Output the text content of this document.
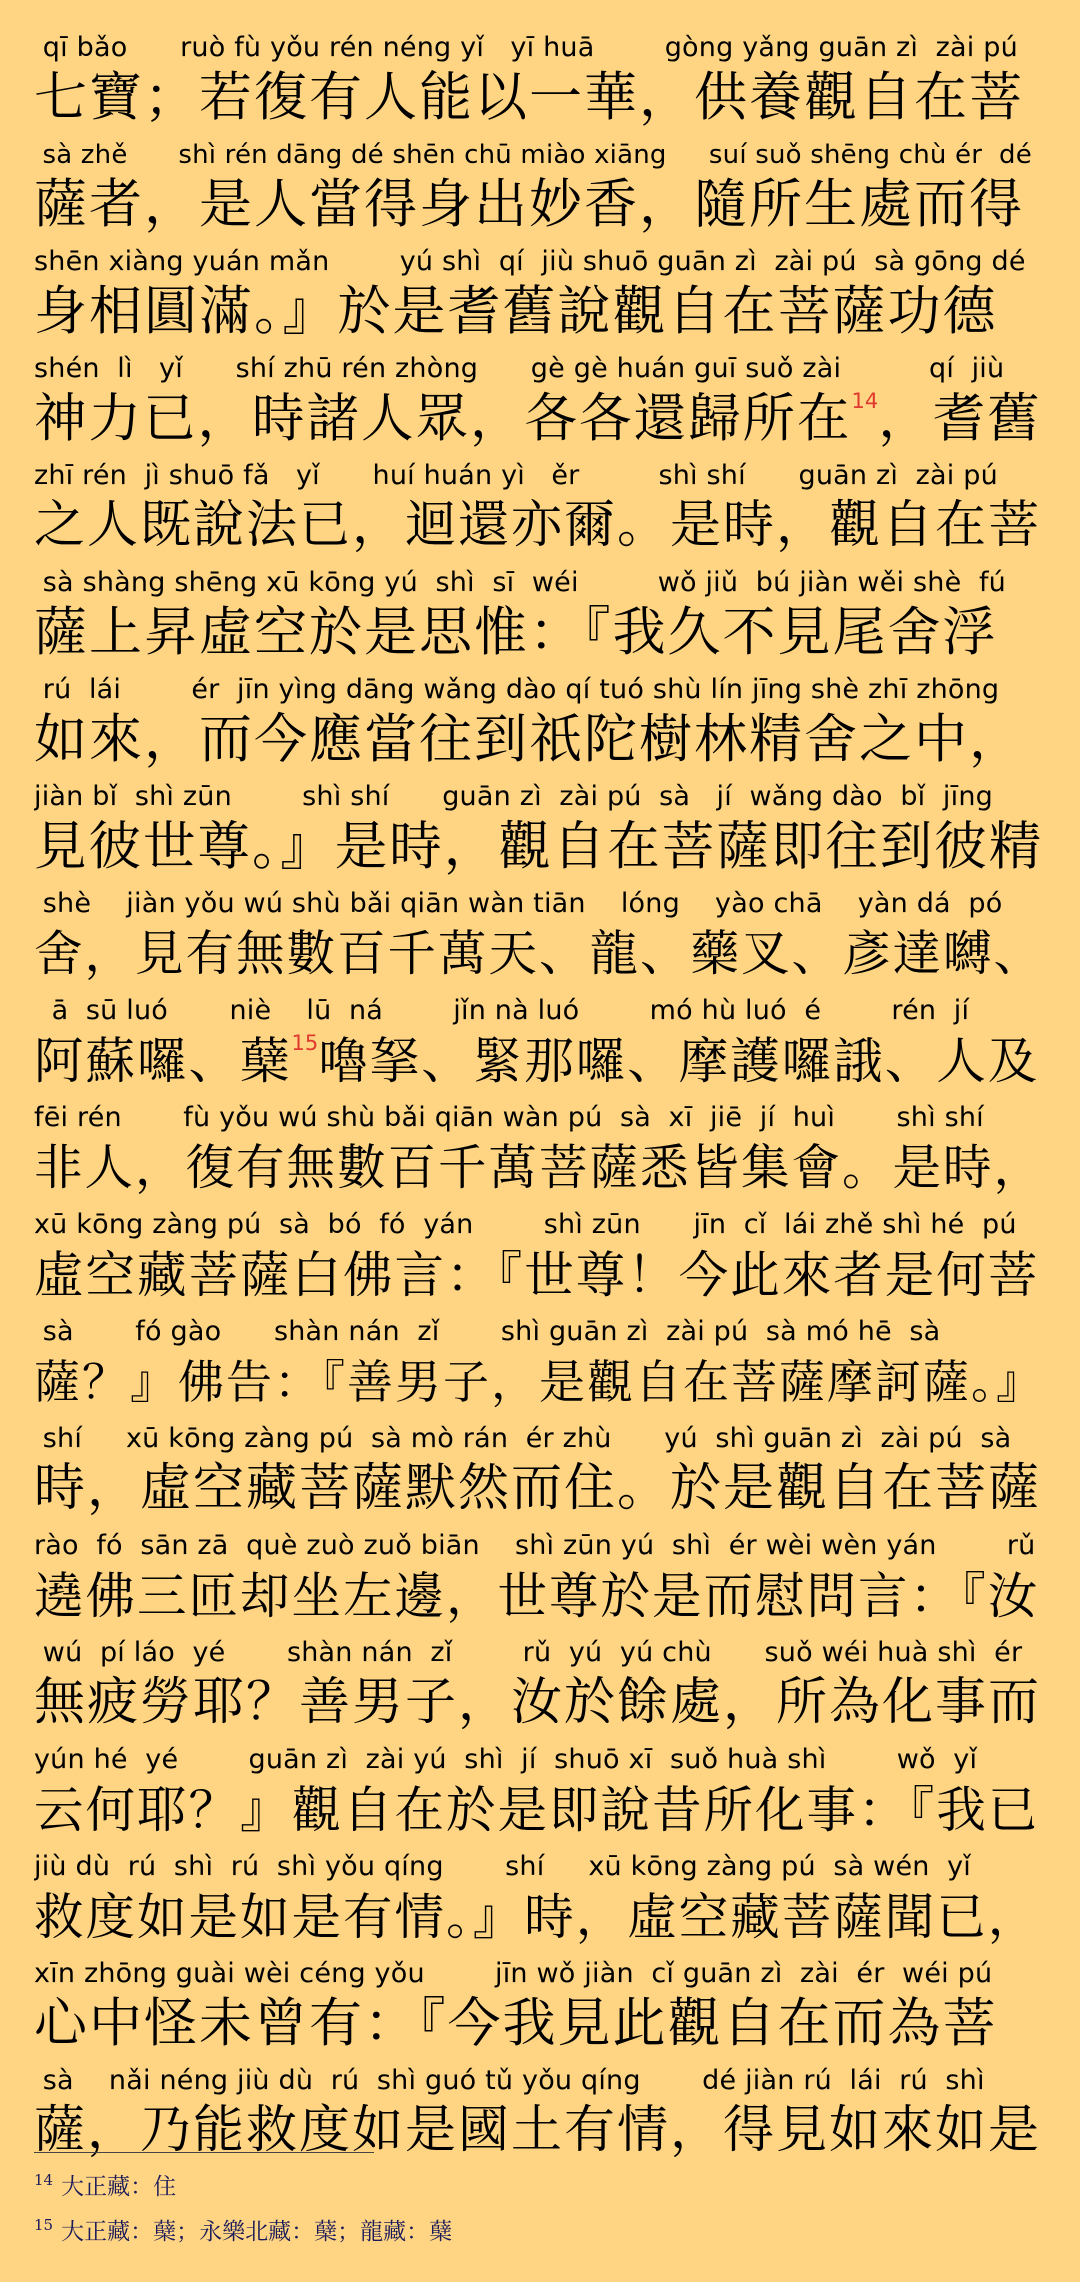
qī bǎo      ruò fù yǒu rén néng yǐ   yī huā        gòng yǎng guān zì  zài pú
七寶；若復有人能以一華，供養觀自在菩
sà zhě      shì rén dāng dé shēn chū miào xiāng     suí suǒ shēng chù ér  dé
薩者，是人當得身出妙香，隨所生處而得
shēn xiàng yuán mǎn        yú shì  qí  jiù shuō guān zì  zài pú  sà gōng dé
身相圓滿。』於是耆舊說觀自在菩薩功德
shén  lì   yǐ      shí zhū rén zhòng      gè gè huán guī suǒ zài          qí  jiù
神力已，時諸人眾，各各還歸所在$^{14}$，耆舊
zhī rén  jì shuō fǎ   yǐ      huí huán yì   ěr         shì shí      guān zì  zài pú
之人既說法已，迴還亦爾。是時，觀自在菩
sà shàng shēng xū kōng yú  shì  sī  wéi         wǒ jiǔ  bú jiàn wěi shè  fú
薩上昇虛空於是思惟：『我久不見尾舍浮
rú  lái        ér  jīn yìng dāng wǎng dào qí tuó shù lín jīng shè zhī zhōng
如來，而今應當往到祇陀樹林精舍之中，
jiàn bǐ  shì zūn        shì shí      guān zì  zài pú  sà   jí  wǎng dào  bǐ  jīng
見彼世尊。』是時，觀自在菩薩即往到彼精
shè    jiàn yǒu wú shù bǎi qiān wàn tiān    lóng    yào chā    yàn dá  pó
舍，見有無數百千萬天、龍、藥叉、彥達嚩、
ā  sū luó       niè    lū  ná        jǐn nà luó        mó hù luó  é        rén  jí
阿蘇囉、蘖$^{15}$嚕拏、緊那囉、摩護囉誐、人及
fēi rén       fù yǒu wú shù bǎi qiān wàn pú  sà  xī  jiē  jí  huì       shì shí
非人，復有無數百千萬菩薩悉皆集會。是時，
xū kōng zàng pú  sà  bó  fó  yán        shì zūn      jīn  cǐ  lái zhě shì hé  pú
虛空藏菩薩白佛言：『世尊！今此來者是何菩
sà       fó gào      shàn nán  zǐ       shì guān zì  zài pú  sà mó hē  sà
薩？』佛告：『善男子，是觀自在菩薩摩訶薩。』
shí     xū kōng zàng pú  sà mò rán  ér zhù      yú  shì guān zì  zài pú  sà
時，虛空藏菩薩默然而住。於是觀自在菩薩
rào  fó  sān zā  què zuò zuǒ biān    shì zūn yú  shì  ér wèi wèn yán        rǔ
遶佛三匝却坐左邊，世尊於是而慰問言：『汝
wú  pí láo  yé       shàn nán  zǐ        rǔ  yú  yú chù      suǒ wéi huà shì  ér
無疲勞耶？善男子，汝於餘處，所為化事而
yún hé  yé        guān zì  zài yú  shì  jí  shuō xī  suǒ huà shì        wǒ  yǐ
云何耶？』觀自在於是即說昔所化事：『我已
jiù dù  rú  shì  rú  shì yǒu qíng       shí     xū kōng zàng pú  sà wén  yǐ
救度如是如是有情。』時，虛空藏菩薩聞已，
xīn zhōng guài wèi céng yǒu        jīn wǒ jiàn  cǐ guān zì  zài  ér  wéi pú
心中怪未曾有：『今我見此觀自在而為菩
sà    nǎi néng jiù dù  rú  shì guó tǔ yǒu qíng       dé jiàn rú  lái  rú  shì
薩，乃能救度如是國土有情，得見如來如是
$^{14}$ 大正藏：住
$^{15}$ 大正藏：蘖；永樂北藏：蘖；龍藏：蘖
